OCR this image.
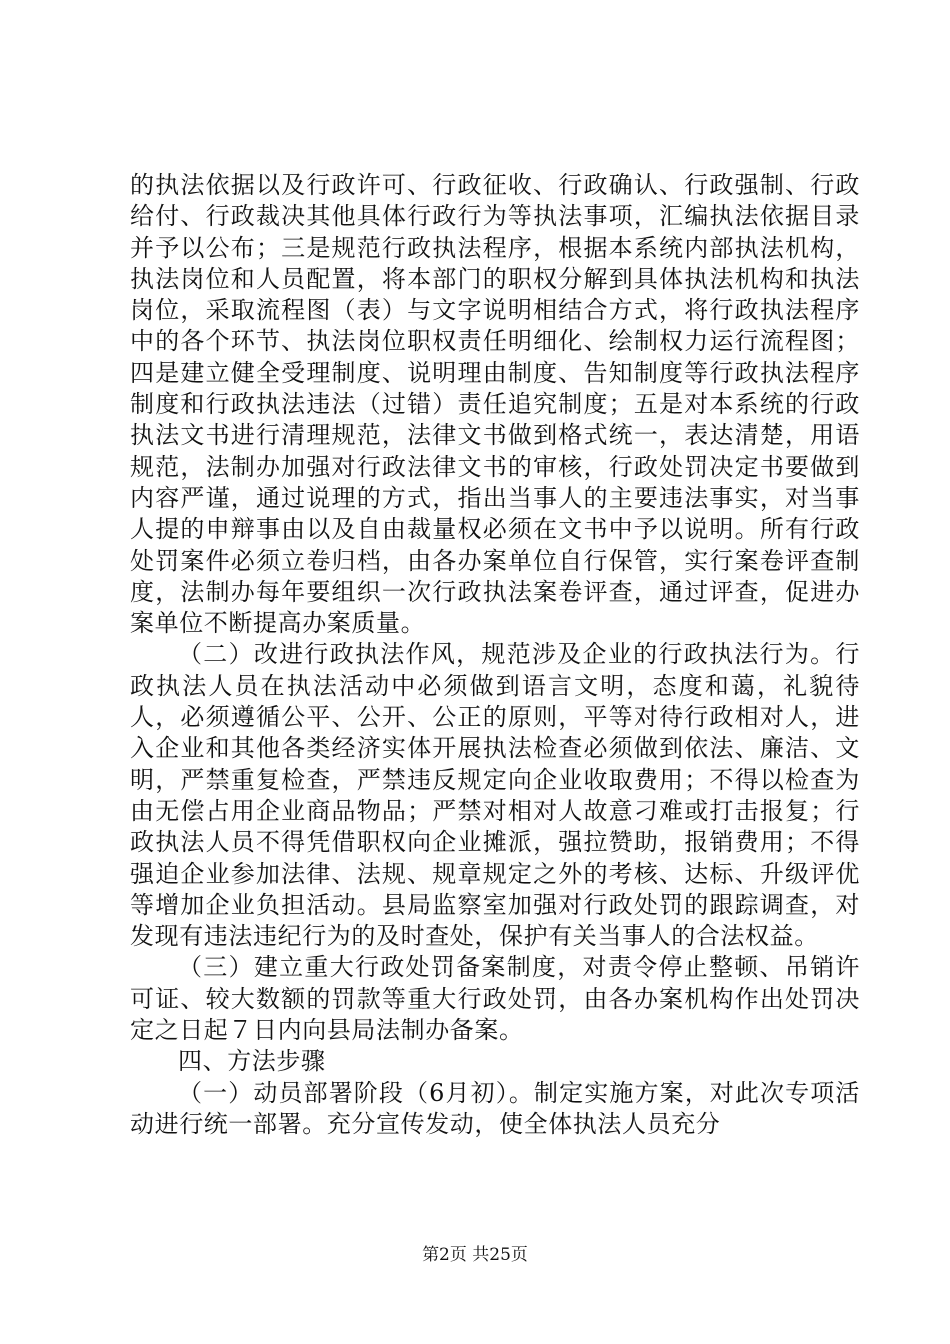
的执法依据以及行政许可、行政征收、行政确认、行政强制、行政给付、行政裁决其他具体行政行为等执法事项，汇编执法依据目录并予以公布；三是规范行政执法程序，根据本系统内部执法机构，执法岗位和人员配置，将本部门的职权分解到具体执法机构和执法岗位，采取流程图（表）与文字说明相结合方式，将行政执法程序中的各个环节、执法岗位职权责任明细化、绘制权力运行流程图；四是建立健全受理制度、说明理由制度、告知制度等行政执法程序制度和行政执法违法（过错）责任追究制度；五是对本系统的行政执法文书进行清理规范，法律文书做到格式统一，表达清楚，用语规范，法制办加强对行政法律文书的审核，行政处罚决定书要做到内容严谨，通过说理的方式，指出当事人的主要违法事实，对当事人提的申辩事由以及自由裁量权必须在文书中予以说明。所有行政处罚案件必须立卷归档，由各办案单位自行保管，实行案卷评查制度，法制办每年要组织一次行政执法案卷评查，通过评查，促进办案单位不断提高办案质量。

（二）改进行政执法作风，规范涉及企业的行政执法行为。行政执法人员在执法活动中必须做到语言文明，态度和蔼，礼貌待人，必须遵循公平、公开、公正的原则，平等对待行政相对人，进入企业和其他各类经济实体开展执法检查必须做到依法、廉洁、文明，严禁重复检查，严禁违反规定向企业收取费用；不得以检查为由无偿占用企业商品物品；严禁对相对人故意刁难或打击报复；行政执法人员不得凭借职权向企业摊派，强拉赞助，报销费用；不得强迫企业参加法律、法规、规章规定之外的考核、达标、升级评优等增加企业负担活动。县局监察室加强对行政处罚的跟踪调查，对发现有违法违纪行为的及时查处，保护有关当事人的合法权益。

（三）建立重大行政处罚备案制度，对责令停止整顿、吊销许可证、较大数额的罚款等重大行政处罚，由各办案机构作出处罚决定之日起７日内向县局法制办备案。

四、方法步骤

（一）动员部署阶段（6月初）。制定实施方案，对此次专项活动进行统一部署。充分宣传发动，使全体执法人员充分

第2页 共25页
